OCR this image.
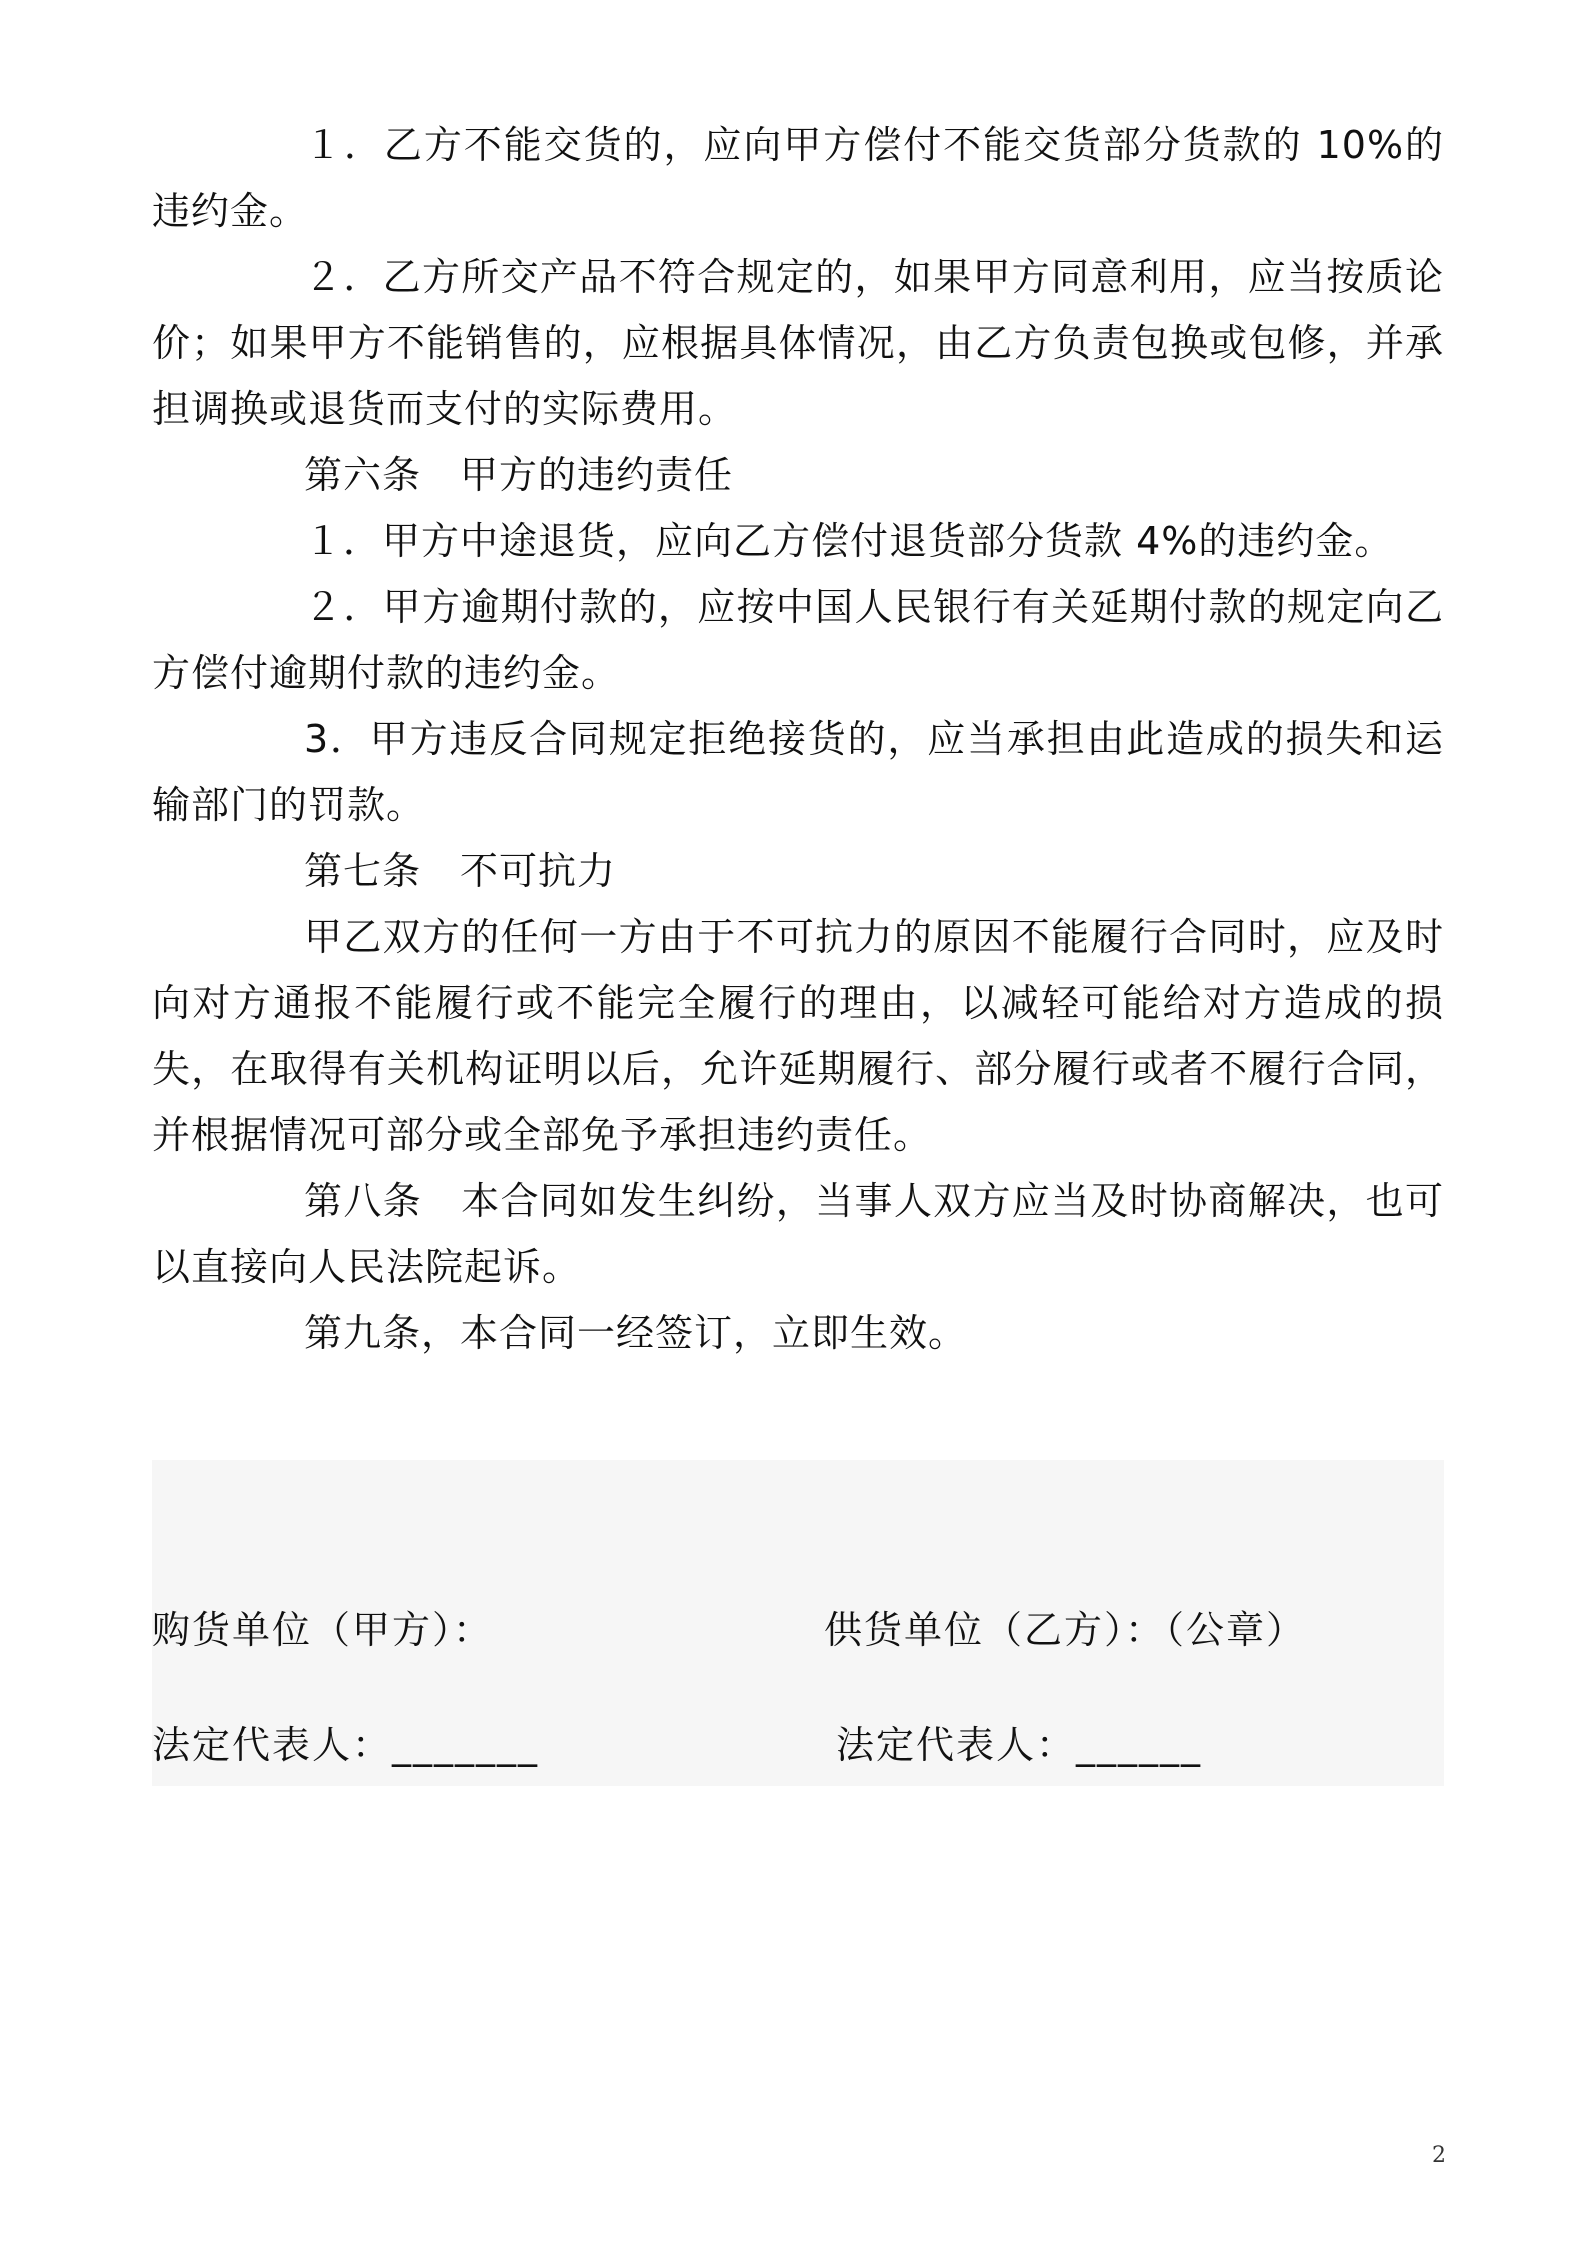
１．乙方不能交货的，应向甲方偿付不能交货部分货款的 10%的违约金。

２．乙方所交产品不符合规定的，如果甲方同意利用，应当按质论价；如果甲方不能销售的，应根据具体情况，由乙方负责包换或包修，并承担调换或退货而支付的实际费用。

第六条　甲方的违约责任

１．甲方中途退货，应向乙方偿付退货部分货款 4%的违约金。

２．甲方逾期付款的，应按中国人民银行有关延期付款的规定向乙方偿付逾期付款的违约金。

3．甲方违反合同规定拒绝接货的，应当承担由此造成的损失和运输部门的罚款。

第七条　不可抗力

甲乙双方的任何一方由于不可抗力的原因不能履行合同时，应及时向对方通报不能履行或不能完全履行的理由，以减轻可能给对方造成的损失，在取得有关机构证明以后，允许延期履行、部分履行或者不履行合同，并根据情况可部分或全部免予承担违约责任。

第八条　本合同如发生纠纷，当事人双方应当及时协商解决，也可以直接向人民法院起诉。

第九条，本合同一经签订，立即生效。

购货单位（甲方）：

	供货单位（乙方）：（公章）

法定代表人：_______

	法定代表人：______

2
